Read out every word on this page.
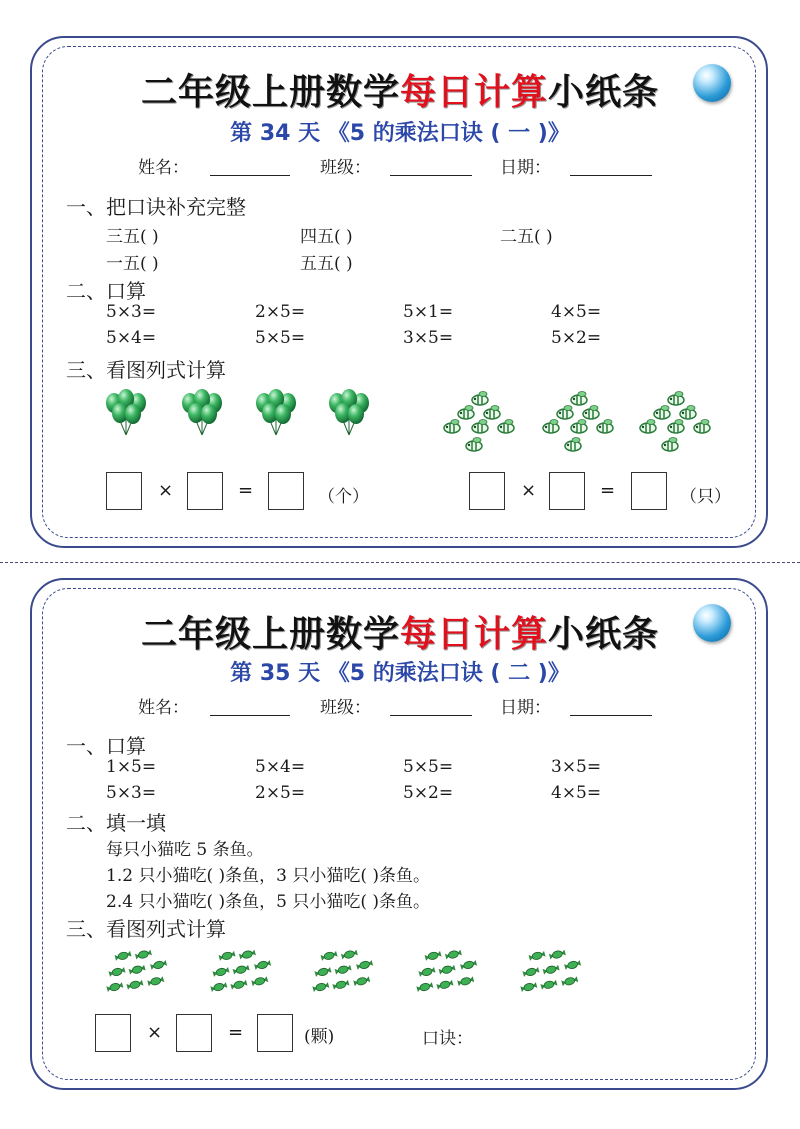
二年级上册数学每日计算小纸条
第 34 天 《5 的乘法口诀 ( 一 )》
姓名：	班级：	日期：
一、把口诀补充完整
三五( )	四五( )	二五( )
一五( )	五五( )
二、口算
5×3=	2×5=	5×1=	4×5=
5×4=	5×5=	3×5=	5×2=
三、看图列式计算
×	=	（个）	×	=	（只）
二年级上册数学每日计算小纸条
第 35 天 《5 的乘法口诀 ( 二 )》
姓名：	班级：	日期：
一、口算
1×5=	5×4=	5×5=	3×5=
5×3=	2×5=	5×2=	4×5=
二、填一填
每只小猫吃 5 条鱼。
1.2 只小猫吃( )条鱼，3 只小猫吃( )条鱼。
2.4 只小猫吃( )条鱼，5 只小猫吃( )条鱼。
三、看图列式计算
×	=	(颗)	口诀：
